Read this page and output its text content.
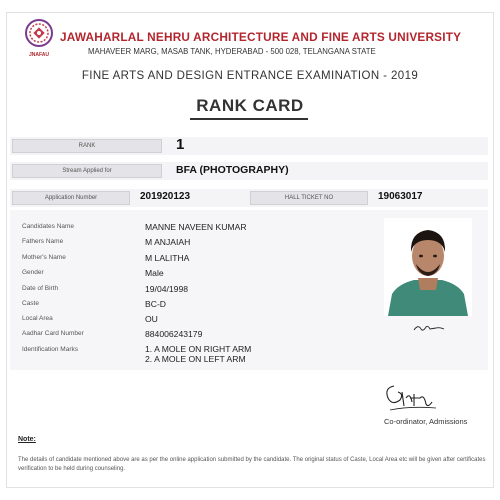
JNAFAU
JAWAHARLAL NEHRU ARCHITECTURE AND FINE ARTS UNIVERSITY
MAHAVEER MARG, MASAB TANK, HYDERABAD - 500 028, TELANGANA STATE
FINE ARTS AND DESIGN ENTRANCE EXAMINATION - 2019
RANK CARD
RANK	1
Stream Applied for	BFA (PHOTOGRAPHY)
Application Number	201920123	HALL TICKET NO	19063017
Candidates Name	MANNE NAVEEN KUMAR
Fathers Name	M ANJAIAH
Mother's Name	M LALITHA
Gender	Male
Date of Birth	19/04/1998
Caste	BC-D
Local Area	OU
Aadhar Card Number	884006243179
Identification Marks	1. A MOLE ON RIGHT ARM
2. A MOLE ON LEFT ARM
Co-ordinator, Admissions
Note:
The details of candidate mentioned above are as per the online application submitted by the candidate. The original status of Caste, Local Area etc will be given after certificates verification to be held during counseling.
